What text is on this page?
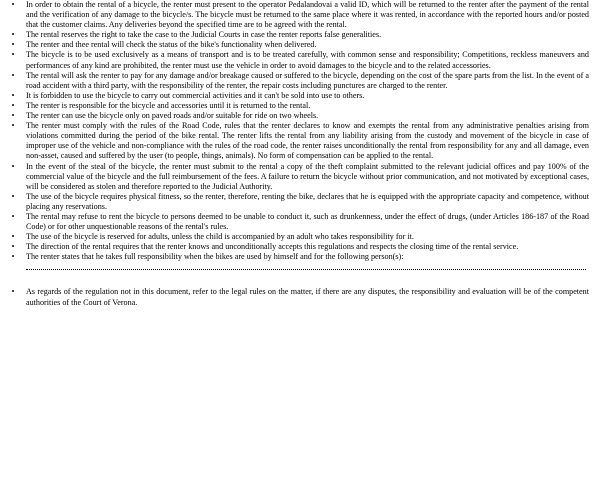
•	In order to obtain the rental of a bicycle, the renter must present to the operator Pedalandovai a valid ID, which will be returned to the renter after the payment of the rental and the verification of any damage to the bicycle/s. The bicycle must be returned to the same place where it was rented, in accordance with the reported hours and/or posted that the customer claims. Any deliveries beyond the specified time are to be agreed with the rental.
•	The rental reserves the right to take the case to the Judicial Courts in case the renter reports false generalities.
•	The renter and thee rental will check the status of the bike's functionality when delivered.
•	The bicycle is to be used exclusively as a means of transport and is to be treated carefully, with common sense and responsibility; Competitions, reckless maneuvers and performances of any kind are prohibited, the renter must use the vehicle in order to avoid damages to the bicycle and to the related accessories.
•	The rental will ask the renter to pay for any damage and/or breakage caused or suffered to the bicycle, depending on the cost of the spare parts from the list. In the event of a road accident with a third party, with the responsibility of the renter, the repair costs including punctures are charged to the renter.
•	It is forbidden to use the bicycle to carry out commercial activities and it can't be sold into use to others.
•	The renter is responsible for the bicycle and accessories until it is returned to the rental.
•	The renter can use the bicycle only on paved roads and/or suitable for ride on two wheels.
•	The renter must comply with the rules of the Road Code, rules that the renter declares to know and exempts the rental from any administrative penalties arising from violations committed during the period of the bike rental. The renter lifts the rental from any liability arising from the custody and movement of the bicycle in case of improper use of the vehicle and non-compliance with the rules of the road code, the renter raises unconditionally the rental from responsibility for any and all damage, even non-asset, caused and suffered by the user (to people, things, animals). No form of compensation can be applied to the rental.
•	In the event of the steal of the bicycle, the renter must submit to the rental a copy of the theft complaint submitted to the relevant judicial offices and pay 100% of the commercial value of the bicycle and the full reimbursement of the fees. A failure to return the bicycle without prior communication, and not motivated by exceptional cases, will be considered as stolen and therefore reported to the Judicial Authority.
•	The use of the bicycle requires physical fitness, so the renter, therefore, renting the bike, declares that he is equipped with the appropriate capacity and competence, without placing any reservations.
•	The rental may refuse to rent the bicycle to persons deemed to be unable to conduct it, such as drunkenness, under the effect of drugs, (under Articles 186-187 of the Road Code) or for other unquestionable reasons of the rental's rules.
•	The use of the bicycle is reserved for adults, unless the child is accompanied by an adult who takes responsibility for it.
•	The direction of the rental requires that the renter knows and unconditionally accepts this regulations and respects the closing time of the rental service.
•	The renter states that he takes full responsibility when the bikes are used by himself and for the following person(s):
•	As regards of the regulation not in this document, refer to the legal rules on the matter, if there are any disputes, the responsibility and evaluation will be of the competent authorities of the Court of Verona.
